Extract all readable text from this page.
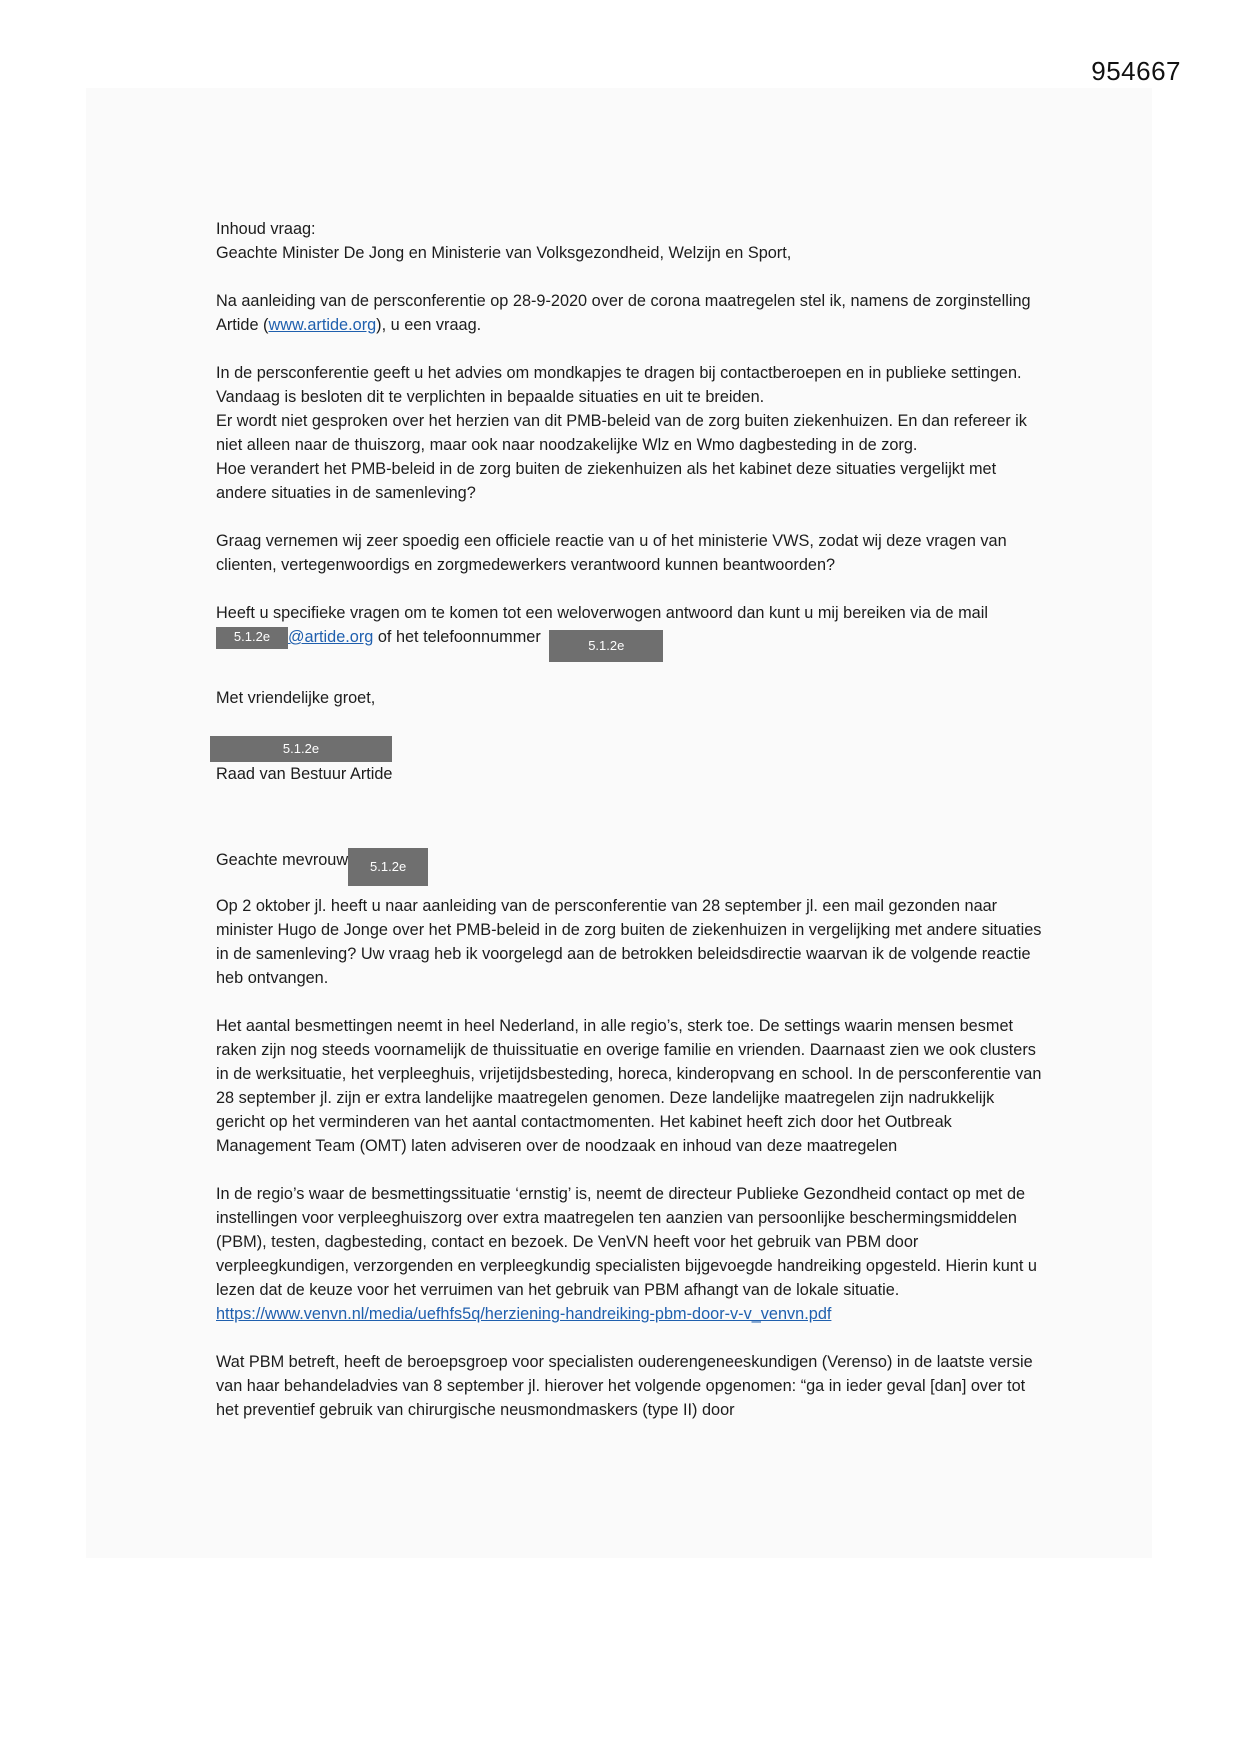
954667

Inhoud vraag:

Geachte Minister De Jong en Ministerie van Volksgezondheid, Welzijn en Sport,

Na aanleiding van de persconferentie op 28-9-2020 over de corona maatregelen stel ik, namens de zorginstelling Artide (www.artide.org), u een vraag.

In de persconferentie geeft u het advies om mondkapjes te dragen bij contactberoepen en in publieke settingen. Vandaag is besloten dit te verplichten in bepaalde situaties en uit te breiden.

Er wordt niet gesproken over het herzien van dit PMB-beleid van de zorg buiten ziekenhuizen. En dan refereer ik niet alleen naar de thuiszorg, maar ook naar noodzakelijke Wlz en Wmo dagbesteding in de zorg.

Hoe verandert het PMB-beleid in de zorg buiten de ziekenhuizen als het kabinet deze situaties vergelijkt met andere situaties in de samenleving?

Graag vernemen wij zeer spoedig een officiele reactie van u of het ministerie VWS, zodat wij deze vragen van clienten, vertegenwoordigs en zorgmedewerkers verantwoord kunnen beantwoorden?

Heeft u specifieke vragen om te komen tot een weloverwogen antwoord dan kunt u mij bereiken via de mail 5.1.2e @artide.org of het telefoonnummer	5.1.2e

Met vriendelijke groet,

5.1.2e

Raad van Bestuur Artide

Geachte mevrouw 5.1.2e

Op 2 oktober jl. heeft u naar aanleiding van de persconferentie van 28 september jl. een mail gezonden naar minister Hugo de Jonge over het PMB-beleid in de zorg buiten de ziekenhuizen in vergelijking met andere situaties in de samenleving? Uw vraag heb ik voorgelegd aan de betrokken beleidsdirectie waarvan ik de volgende reactie heb ontvangen.

Het aantal besmettingen neemt in heel Nederland, in alle regio’s, sterk toe. De settings waarin mensen besmet raken zijn nog steeds voornamelijk de thuissituatie en overige familie en vrienden. Daarnaast zien we ook clusters in de werksituatie, het verpleeghuis, vrijetijdsbesteding, horeca, kinderopvang en school. In de persconferentie van 28 september jl. zijn er extra landelijke maatregelen genomen. Deze landelijke maatregelen zijn nadrukkelijk gericht op het verminderen van het aantal contactmomenten. Het kabinet heeft zich door het Outbreak Management Team (OMT) laten adviseren over de noodzaak en inhoud van deze maatregelen

In de regio’s waar de besmettingssituatie ‘ernstig’ is, neemt de directeur Publieke Gezondheid contact op met de instellingen voor verpleeghuiszorg over extra maatregelen ten aanzien van persoonlijke beschermingsmiddelen (PBM), testen, dagbesteding, contact en bezoek. De VenVN heeft voor het gebruik van PBM door verpleegkundigen, verzorgenden en verpleegkundig specialisten bijgevoegde handreiking opgesteld. Hierin kunt u lezen dat de keuze voor het verruimen van het gebruik van PBM afhangt van de lokale situatie.

https://www.venvn.nl/media/uefhfs5q/herziening-handreiking-pbm-door-v-v_venvn.pdf

Wat PBM betreft, heeft de beroepsgroep voor specialisten ouderengeneeskundigen (Verenso) in de laatste versie van haar behandeladvies van 8 september jl. hierover het volgende opgenomen: “ga in ieder geval [dan] over tot het preventief gebruik van chirurgische neusmondmaskers (type II) door
